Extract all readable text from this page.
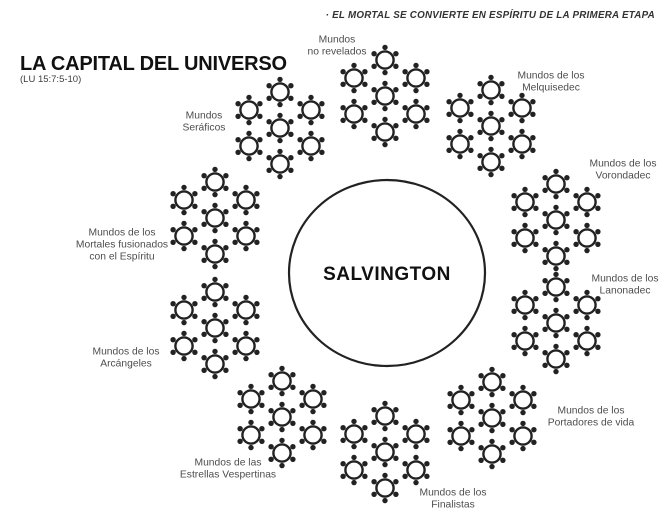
· EL MORTAL SE CONVIERTE EN ESPÍRITU DE LA PRIMERA ETAPA
LA CAPITAL DEL UNIVERSO
(LU 15:7:5-10)
SALVINGTON
Mundos no revelados
Mundos de los Melquisedec
Mundos de los Vorondadec
Mundos de los Lanonadec
Mundos de los Portadores de vida
Mundos de los Finalistas
Mundos de las Estrellas Vespertinas
Mundos de los Arcángeles
Mundos de los Mortales fusionados con el Espíritu
Mundos Seráficos
